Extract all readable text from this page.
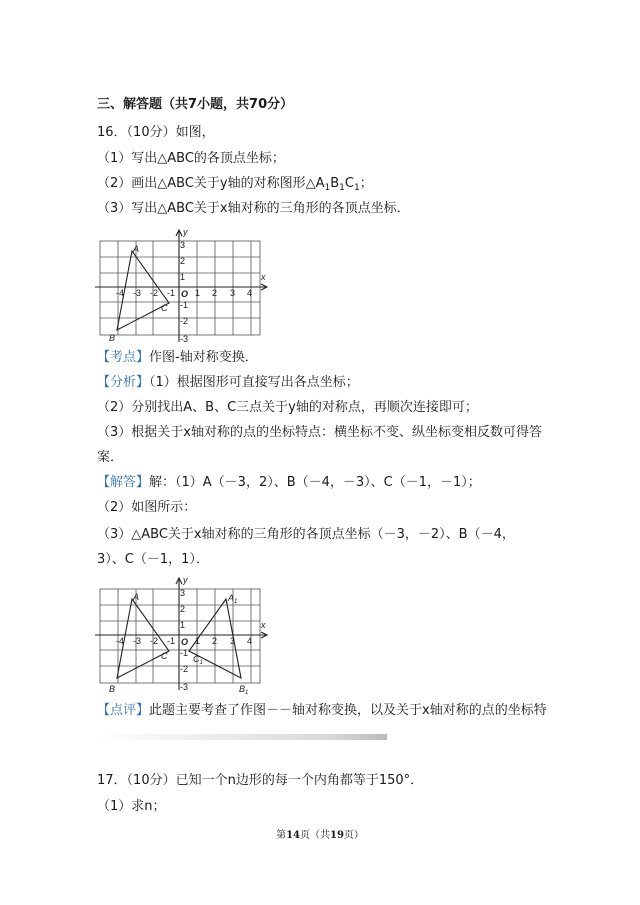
三、解答题（共7小题，共70分）
16．（10分）如图，
（1）写出△ABC的各顶点坐标；
（2）画出△ABC关于y轴的对称图形$\triangle A_1B_1C_1$；
（3）写出△ABC关于x轴对称的三角形的各顶点坐标．
y
x
O
-4 -3 -2 -1 1 2 3 4
3
2
1
-1
-2
-3
A
B
C
【考点】作图-轴对称变换．
【分析】（1）根据图形可直接写出各点坐标；
（2）分别找出A、B、C三点关于y轴的对称点，再顺次连接即可；
（3）根据关于x轴对称的点的坐标特点：横坐标不变、纵坐标变相反数可得答
案．
【解答】解：（1）A（－3，2）、B（－4，－3）、C（－1，－1）；
（2）如图所示：
（3）△ABC关于x轴对称的三角形的各顶点坐标（－3，－2）、B（－4，
3）、C（－1，1）．
y
x
O
-4 -3 -2 -1 1 2 3 4
3
2
1
-1
-2
-3
A
B
C
$A_1$
$B_1$
$C_1$
【点评】此题主要考查了作图－－轴对称变换，以及关于x轴对称的点的坐标特
17．（10分）已知一个n边形的每一个内角都等于150°．
（1）求n；
第14页（共19页）
